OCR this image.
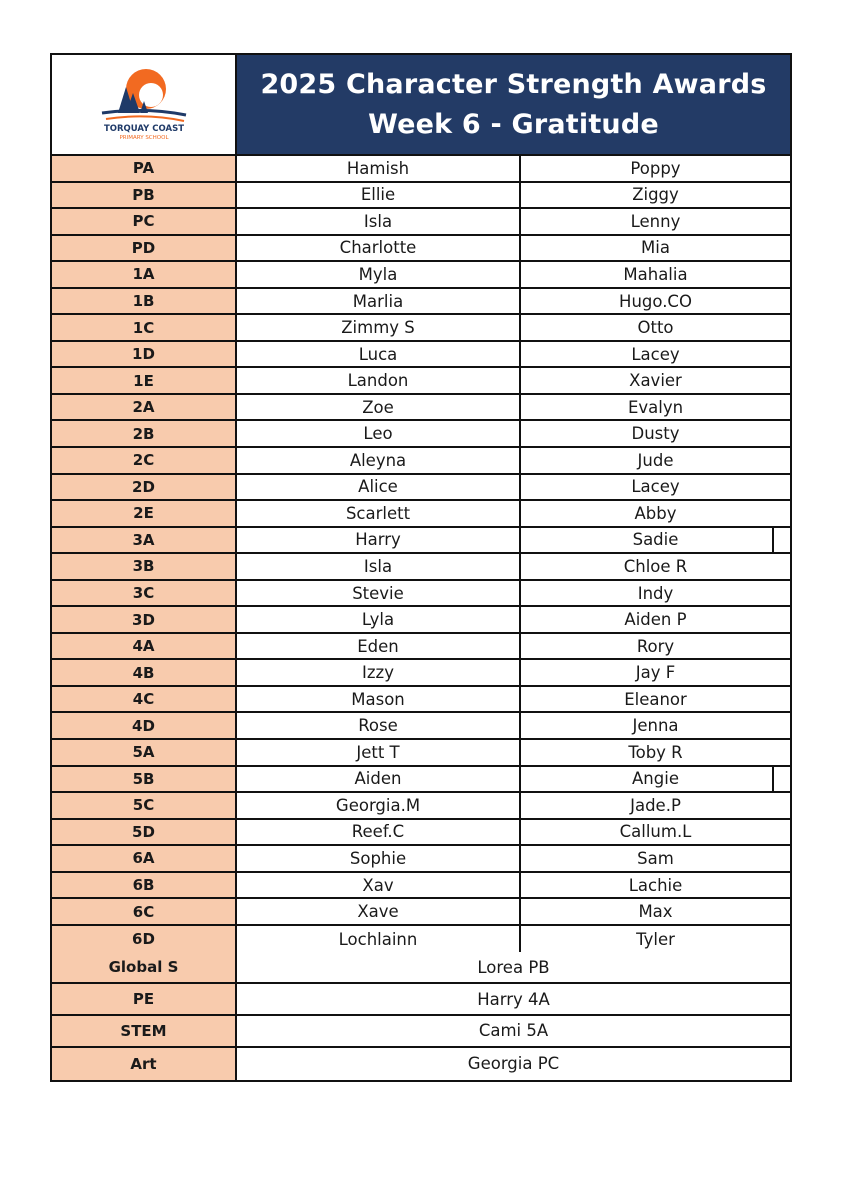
TORQUAY COAST
PRIMARY SCHOOL
2025 Character Strength Awards
Week 6 - Gratitude
PA	Hamish	Poppy
PB	Ellie	Ziggy
PC	Isla	Lenny
PD	Charlotte	Mia
1A	Myla	Mahalia
1B	Marlia	Hugo.CO
1C	Zimmy S	Otto
1D	Luca	Lacey
1E	Landon	Xavier
2A	Zoe	Evalyn
2B	Leo	Dusty
2C	Aleyna	Jude
2D	Alice	Lacey
2E	Scarlett	Abby
3A	Harry	Sadie
3B	Isla	Chloe R
3C	Stevie	Indy
3D	Lyla	Aiden P
4A	Eden	Rory
4B	Izzy	Jay F
4C	Mason	Eleanor
4D	Rose	Jenna
5A	Jett T	Toby R
5B	Aiden	Angie
5C	Georgia.M	Jade.P
5D	Reef.C	Callum.L
6A	Sophie	Sam
6B	Xav	Lachie
6C	Xave	Max
6D	Lochlainn	Tyler
Global S	Lorea PB
PE	Harry 4A
STEM	Cami 5A
Art	Georgia PC
